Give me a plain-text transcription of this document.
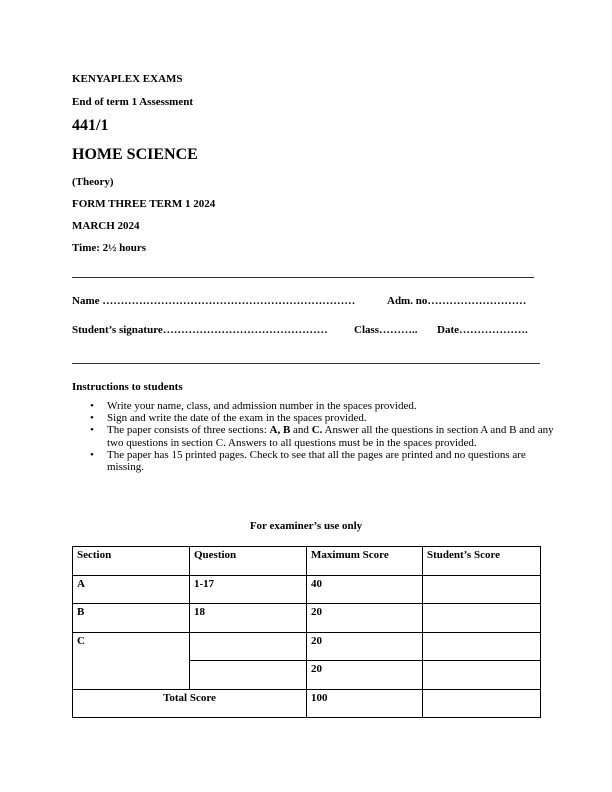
KENYAPLEX EXAMS
End of term 1 Assessment
441/1
HOME SCIENCE
(Theory)
FORM THREE TERM 1 2024
MARCH 2024
Time: 2½ hours
Name ……………………………………………………………	Adm. no………………………
Student’s signature……………………………………… Class……….. Date……………….
Instructions to students
• Write your name, class, and admission number in the spaces provided.
• Sign and write the date of the exam in the spaces provided.
• The paper consists of three sections: A, B and C. Answer all the questions in section A and B and any two questions in section C. Answers to all questions must be in the spaces provided.
• The paper has 15 printed pages. Check to see that all the pages are printed and no questions are missing.
For examiner’s use only
Section	Question	Maximum Score	Student’s Score
A	1-17	40	
B	18	20	
C		20	
		20	
Total Score		100	
